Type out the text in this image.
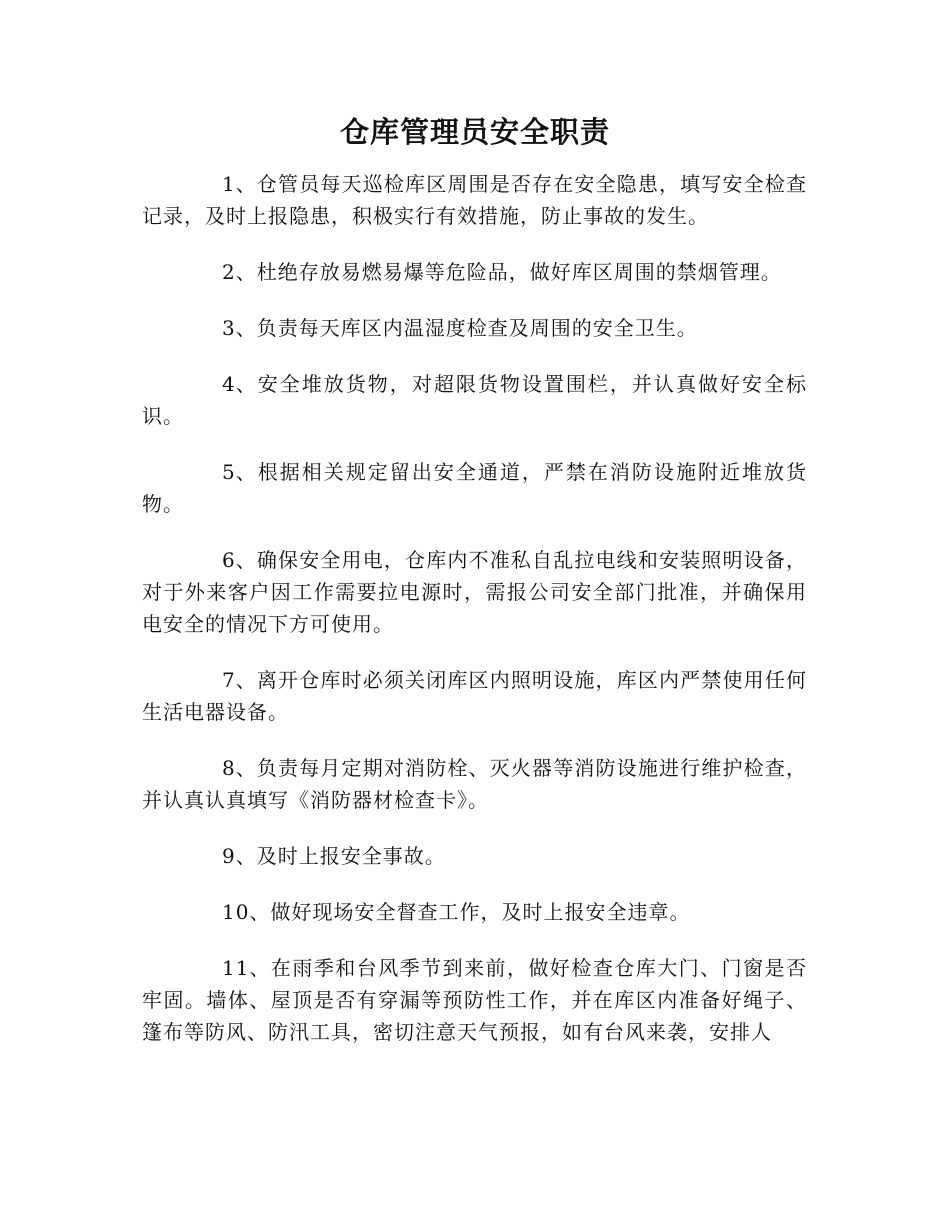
仓库管理员安全职责

1、仓管员每天巡检库区周围是否存在安全隐患，填写安全检查记录，及时上报隐患，积极实行有效措施，防止事故的发生。

2、杜绝存放易燃易爆等危险品，做好库区周围的禁烟管理。

3、负责每天库区内温湿度检查及周围的安全卫生。

4、安全堆放货物，对超限货物设置围栏，并认真做好安全标识。

5、根据相关规定留出安全通道，严禁在消防设施附近堆放货物。

6、确保安全用电，仓库内不准私自乱拉电线和安装照明设备，对于外来客户因工作需要拉电源时，需报公司安全部门批准，并确保用电安全的情况下方可使用。

7、离开仓库时必须关闭库区内照明设施，库区内严禁使用任何生活电器设备。

8、负责每月定期对消防栓、灭火器等消防设施进行维护检查，并认真认真填写《消防器材检查卡》。

9、及时上报安全事故。

10、做好现场安全督查工作，及时上报安全违章。

11、在雨季和台风季节到来前，做好检查仓库大门、门窗是否牢固。墙体、屋顶是否有穿漏等预防性工作，并在库区内准备好绳子、篷布等防风、防汛工具，密切注意天气预报，如有台风来袭，安排人
